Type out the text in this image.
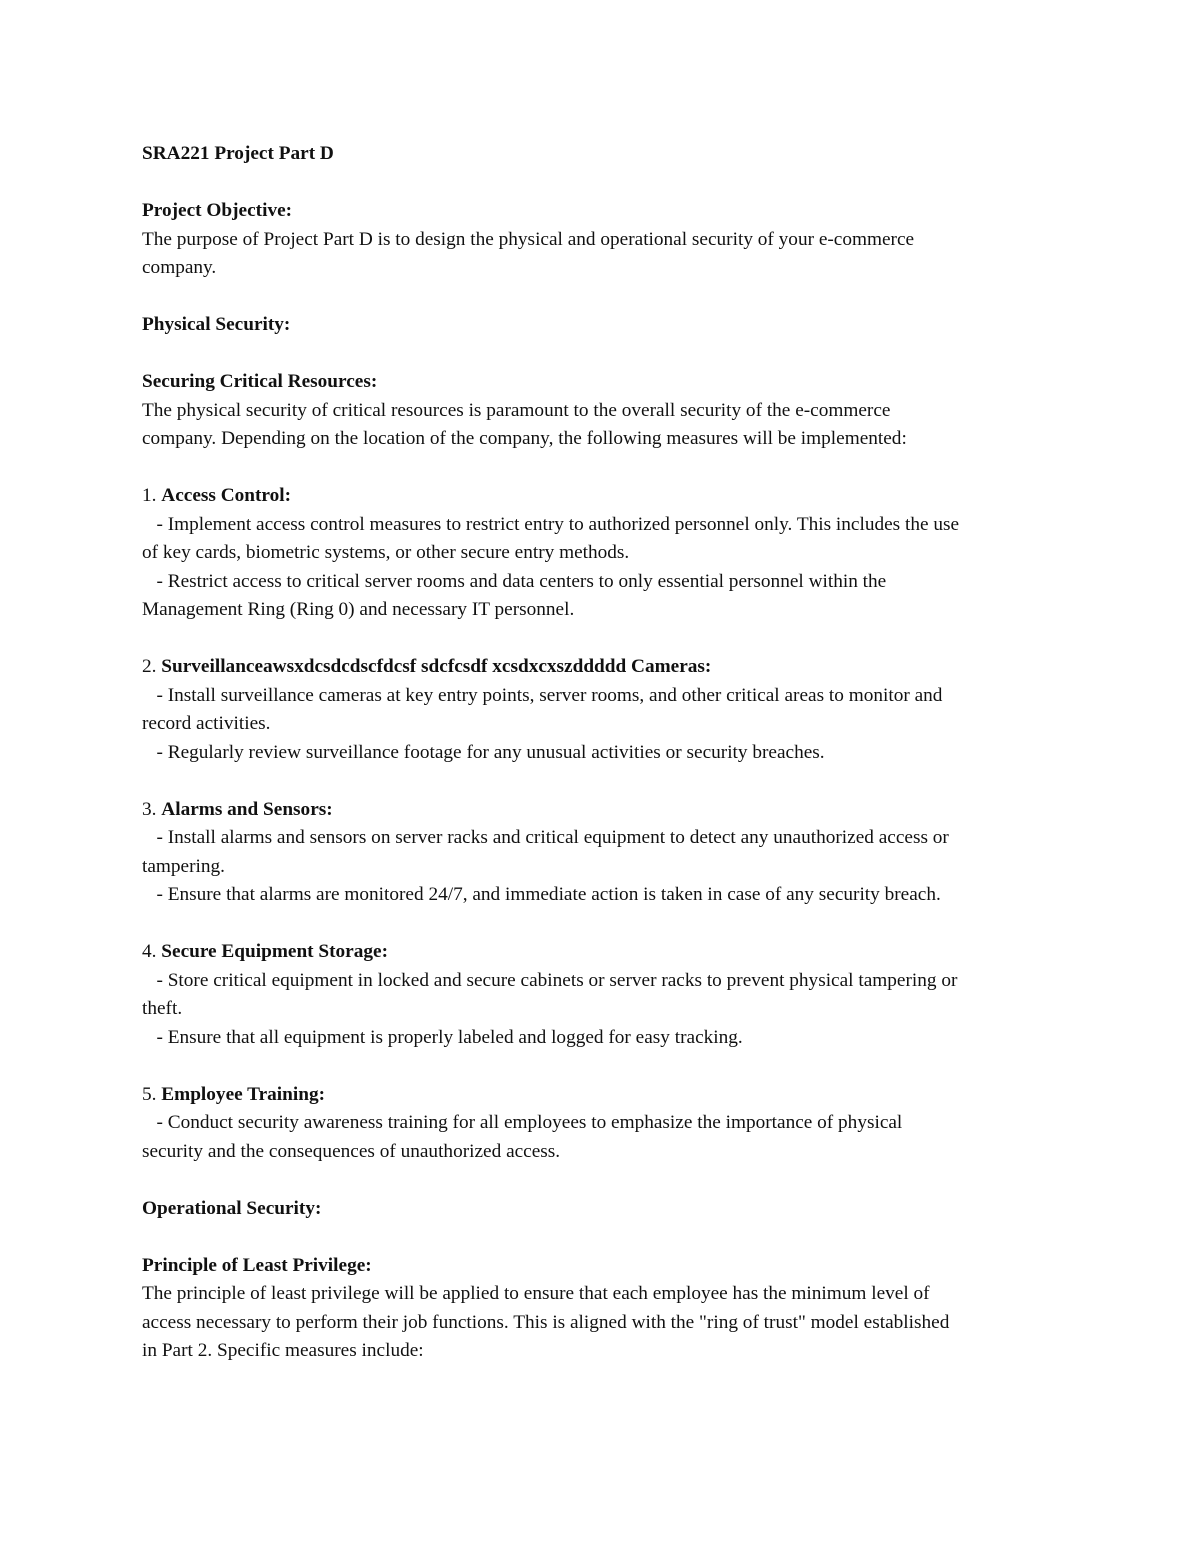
SRA221 Project Part D
Project Objective:
The purpose of Project Part D is to design the physical and operational security of your e-commerce
company.
Physical Security:
Securing Critical Resources:
The physical security of critical resources is paramount to the overall security of the e-commerce
company. Depending on the location of the company, the following measures will be implemented:
1. Access Control:
- Implement access control measures to restrict entry to authorized personnel only. This includes the use
of key cards, biometric systems, or other secure entry methods.
- Restrict access to critical server rooms and data centers to only essential personnel within the
Management Ring (Ring 0) and necessary IT personnel.
2. Surveillanceawsxdcsdcdscfdcsf sdcfcsdf xcsdxcxszddddd Cameras:
- Install surveillance cameras at key entry points, server rooms, and other critical areas to monitor and
record activities.
- Regularly review surveillance footage for any unusual activities or security breaches.
3. Alarms and Sensors:
- Install alarms and sensors on server racks and critical equipment to detect any unauthorized access or
tampering.
- Ensure that alarms are monitored 24/7, and immediate action is taken in case of any security breach.
4. Secure Equipment Storage:
- Store critical equipment in locked and secure cabinets or server racks to prevent physical tampering or
theft.
- Ensure that all equipment is properly labeled and logged for easy tracking.
5. Employee Training:
- Conduct security awareness training for all employees to emphasize the importance of physical
security and the consequences of unauthorized access.
Operational Security:
Principle of Least Privilege:
The principle of least privilege will be applied to ensure that each employee has the minimum level of
access necessary to perform their job functions. This is aligned with the "ring of trust" model established
in Part 2. Specific measures include:
